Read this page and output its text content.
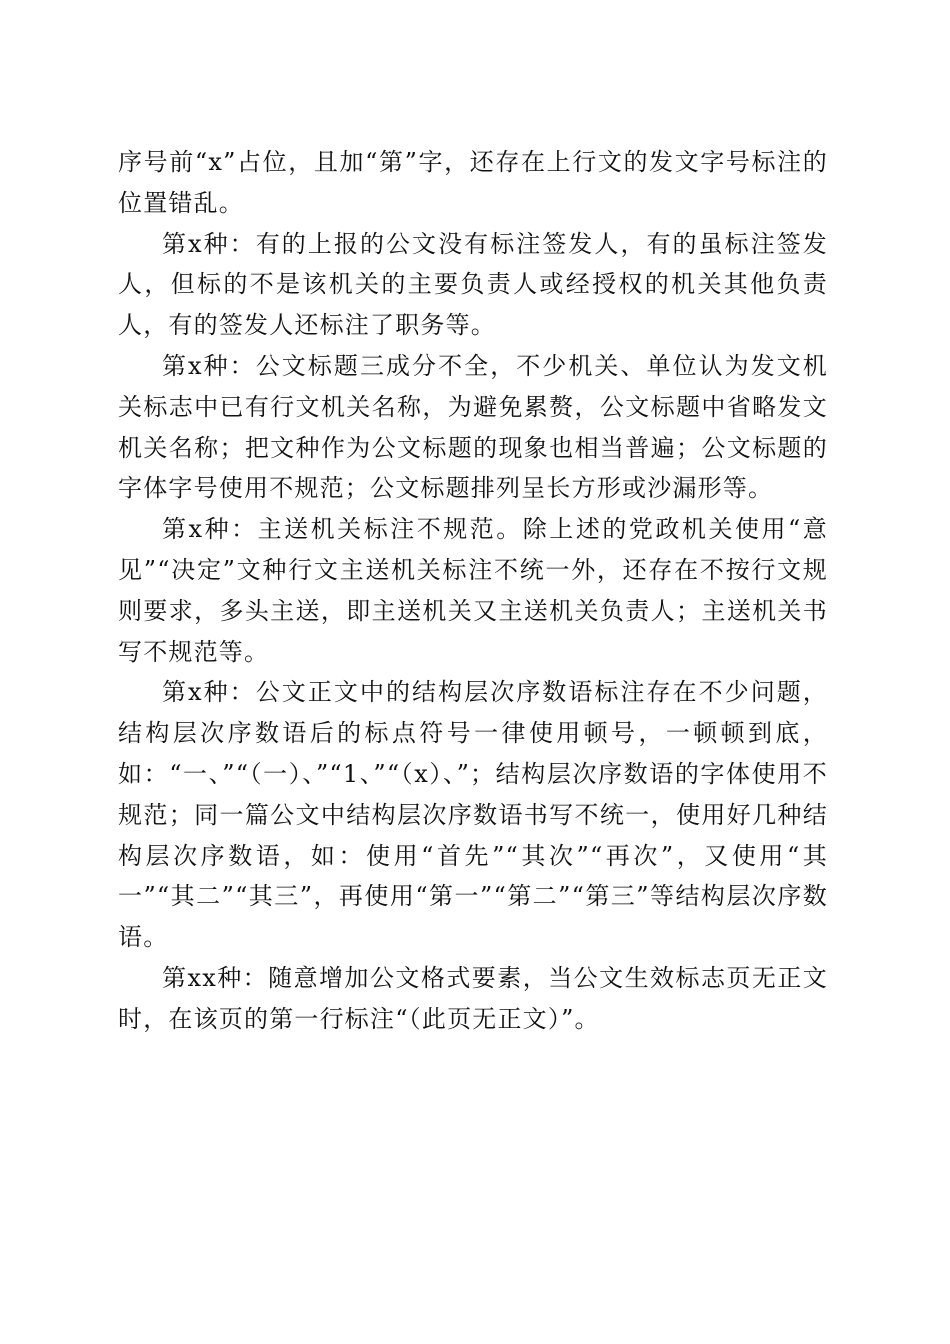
序号前“x”占位，且加“第”字，还存在上行文的发文字号标注的位置错乱。

第x种：有的上报的公文没有标注签发人，有的虽标注签发人，但标的不是该机关的主要负责人或经授权的机关其他负责人，有的签发人还标注了职务等。

第x种：公文标题三成分不全，不少机关、单位认为发文机关标志中已有行文机关名称，为避免累赘，公文标题中省略发文机关名称；把文种作为公文标题的现象也相当普遍；公文标题的字体字号使用不规范；公文标题排列呈长方形或沙漏形等。

第x种：主送机关标注不规范。除上述的党政机关使用“意见”“决定”文种行文主送机关标注不统一外，还存在不按行文规则要求，多头主送，即主送机关又主送机关负责人；主送机关书写不规范等。

第x种：公文正文中的结构层次序数语标注存在不少问题，结构层次序数语后的标点符号一律使用顿号，一顿顿到底，如：“一、”“（一）、”“1、”“（x）、”；结构层次序数语的字体使用不规范；同一篇公文中结构层次序数语书写不统一，使用好几种结构层次序数语，如：使用“首先”“其次”“再次”，又使用“其一”“其二”“其三”，再使用“第一”“第二”“第三”等结构层次序数语。

第xx种：随意增加公文格式要素，当公文生效标志页无正文时，在该页的第一行标注“（此页无正文）”。
